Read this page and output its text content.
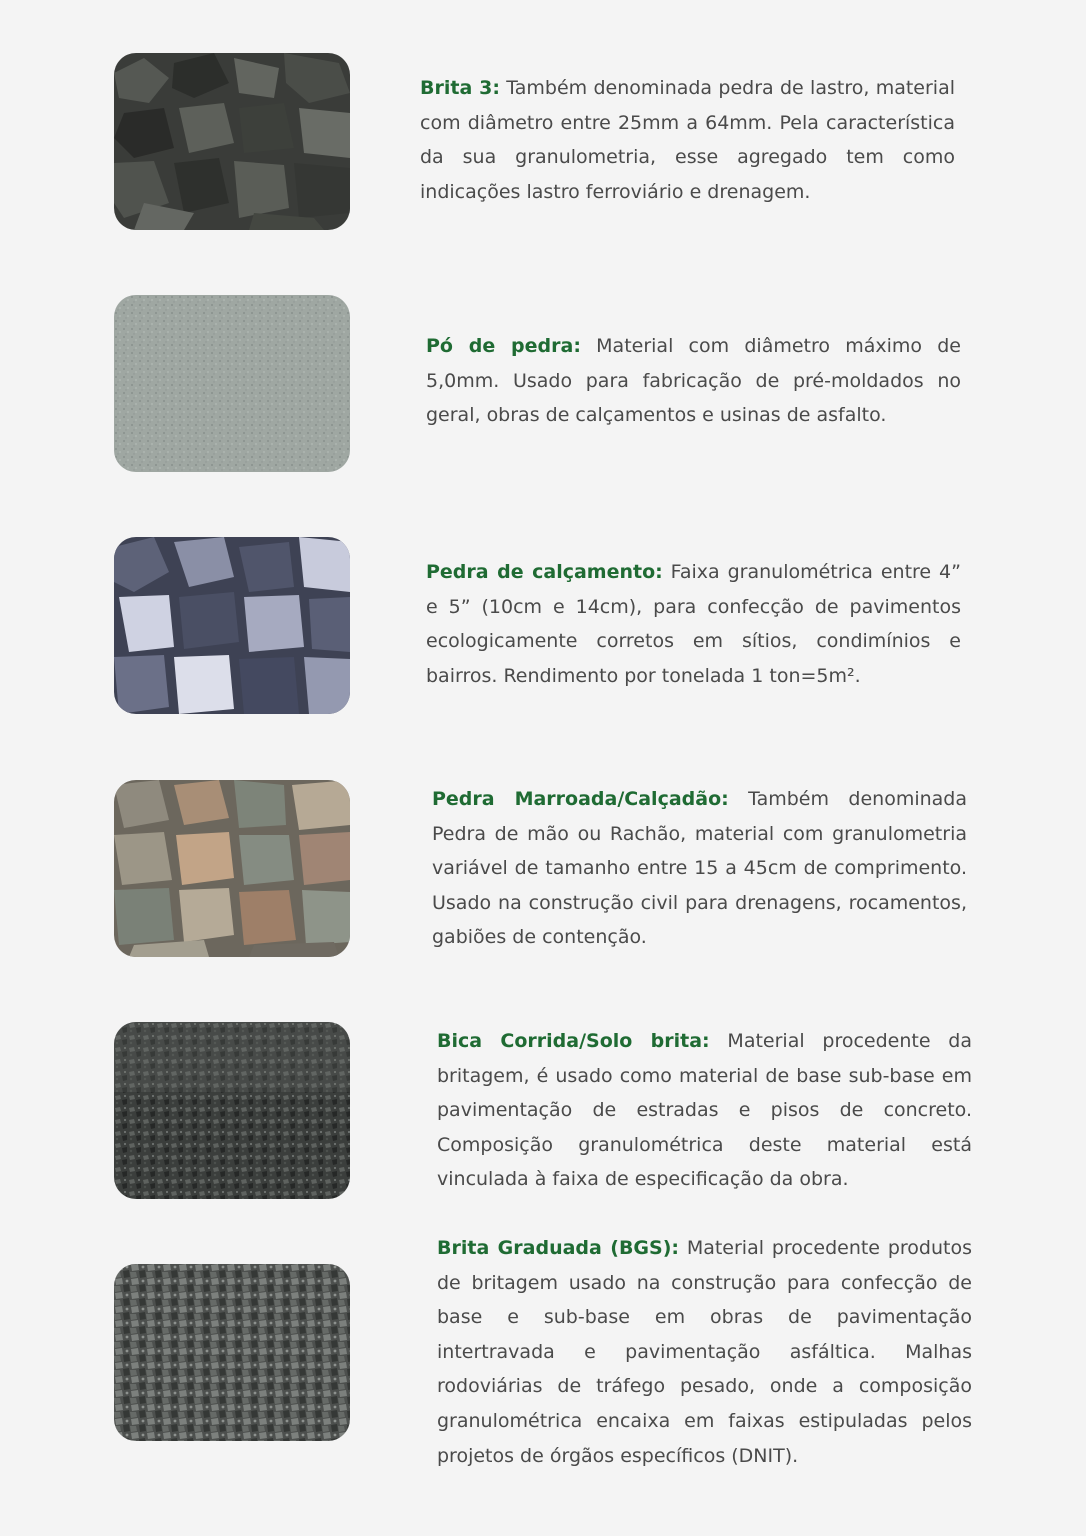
Brita 3: Também denominada pedra de lastro, material com diâmetro entre 25mm a 64mm. Pela característica da sua granulometria, esse agregado tem como indicações lastro ferroviário e drenagem.

Pó de pedra: Material com diâmetro máximo de 5,0mm. Usado para fabricação de pré-moldados no geral, obras de calçamentos e usinas de asfalto.

Pedra de calçamento: Faixa granulométrica entre 4” e 5” (10cm e 14cm), para confecção de pavimentos ecologicamente corretos em sítios, condimínios e bairros. Rendimento por tonelada 1 ton=5m².

Pedra Marroada/Calçadão: Também denominada Pedra de mão ou Rachão, material com granulometria variável de tamanho entre 15 a 45cm de comprimento. Usado na construção civil para drenagens, rocamentos, gabiões de contenção.

Bica Corrida/Solo brita: Material procedente da britagem, é usado como material de base sub-base em pavimentação de estradas e pisos de concreto. Composição granulométrica deste material está vinculada à faixa de especificação da obra.

Brita Graduada (BGS): Material procedente produtos de britagem usado na construção para confecção de base e sub-base em obras de pavimentação intertravada e pavimentação asfáltica. Malhas rodoviárias de tráfego pesado, onde a composição granulométrica encaixa em faixas estipuladas pelos projetos de órgãos específicos (DNIT).
